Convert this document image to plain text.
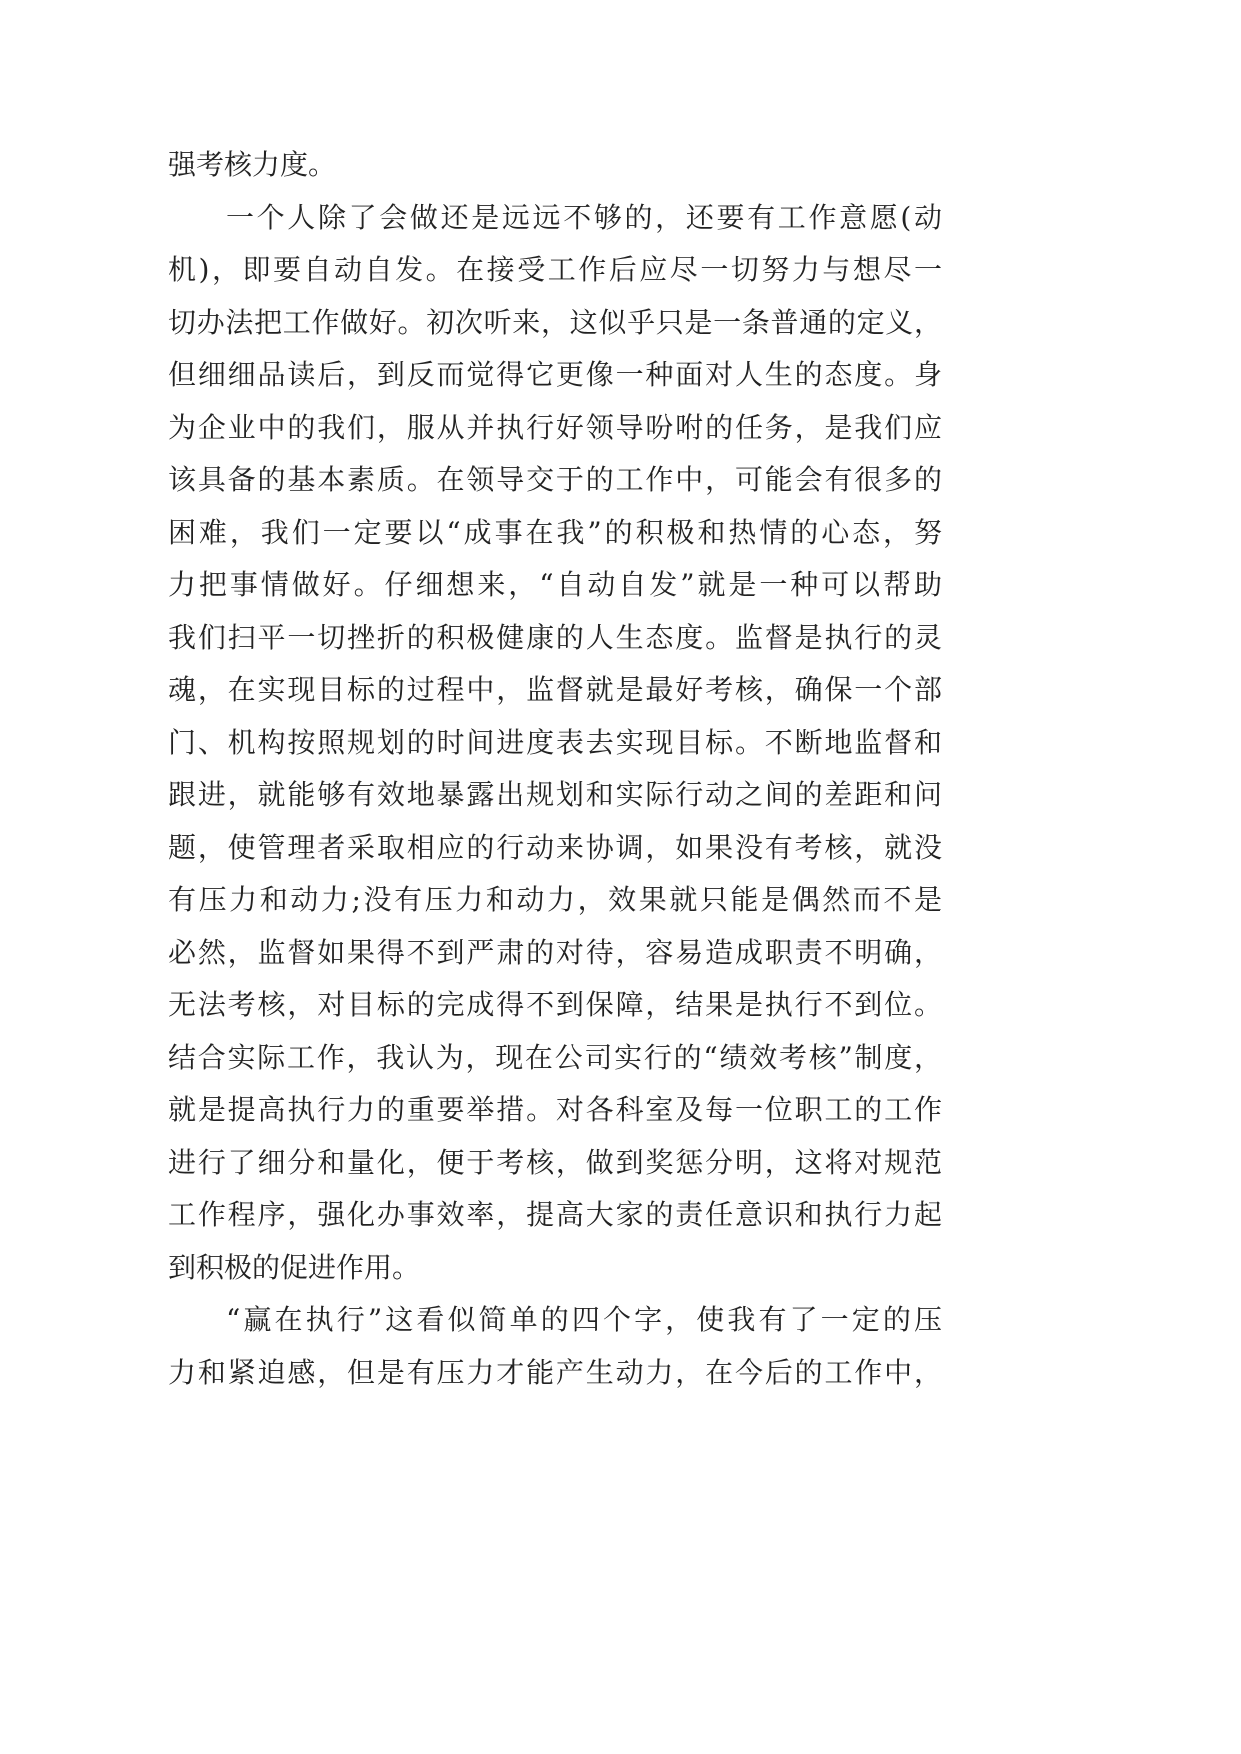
强考核力度。
一个人除了会做还是远远不够的，还要有工作意愿(动
机)，即要自动自发。在接受工作后应尽一切努力与想尽一
切办法把工作做好。初次听来，这似乎只是一条普通的定义，
但细细品读后，到反而觉得它更像一种面对人生的态度。身
为企业中的我们，服从并执行好领导吩咐的任务，是我们应
该具备的基本素质。在领导交于的工作中，可能会有很多的
困难，我们一定要以“成事在我”的积极和热情的心态，努
力把事情做好。仔细想来，“自动自发”就是一种可以帮助
我们扫平一切挫折的积极健康的人生态度。监督是执行的灵
魂，在实现目标的过程中，监督就是最好考核，确保一个部
门、机构按照规划的时间进度表去实现目标。不断地监督和
跟进，就能够有效地暴露出规划和实际行动之间的差距和问
题，使管理者采取相应的行动来协调，如果没有考核，就没
有压力和动力;没有压力和动力，效果就只能是偶然而不是
必然，监督如果得不到严肃的对待，容易造成职责不明确，
无法考核，对目标的完成得不到保障，结果是执行不到位。
结合实际工作，我认为，现在公司实行的“绩效考核”制度，
就是提高执行力的重要举措。对各科室及每一位职工的工作
进行了细分和量化，便于考核，做到奖惩分明，这将对规范
工作程序，强化办事效率，提高大家的责任意识和执行力起
到积极的促进作用。
“赢在执行”这看似简单的四个字，使我有了一定的压
力和紧迫感，但是有压力才能产生动力，在今后的工作中，
